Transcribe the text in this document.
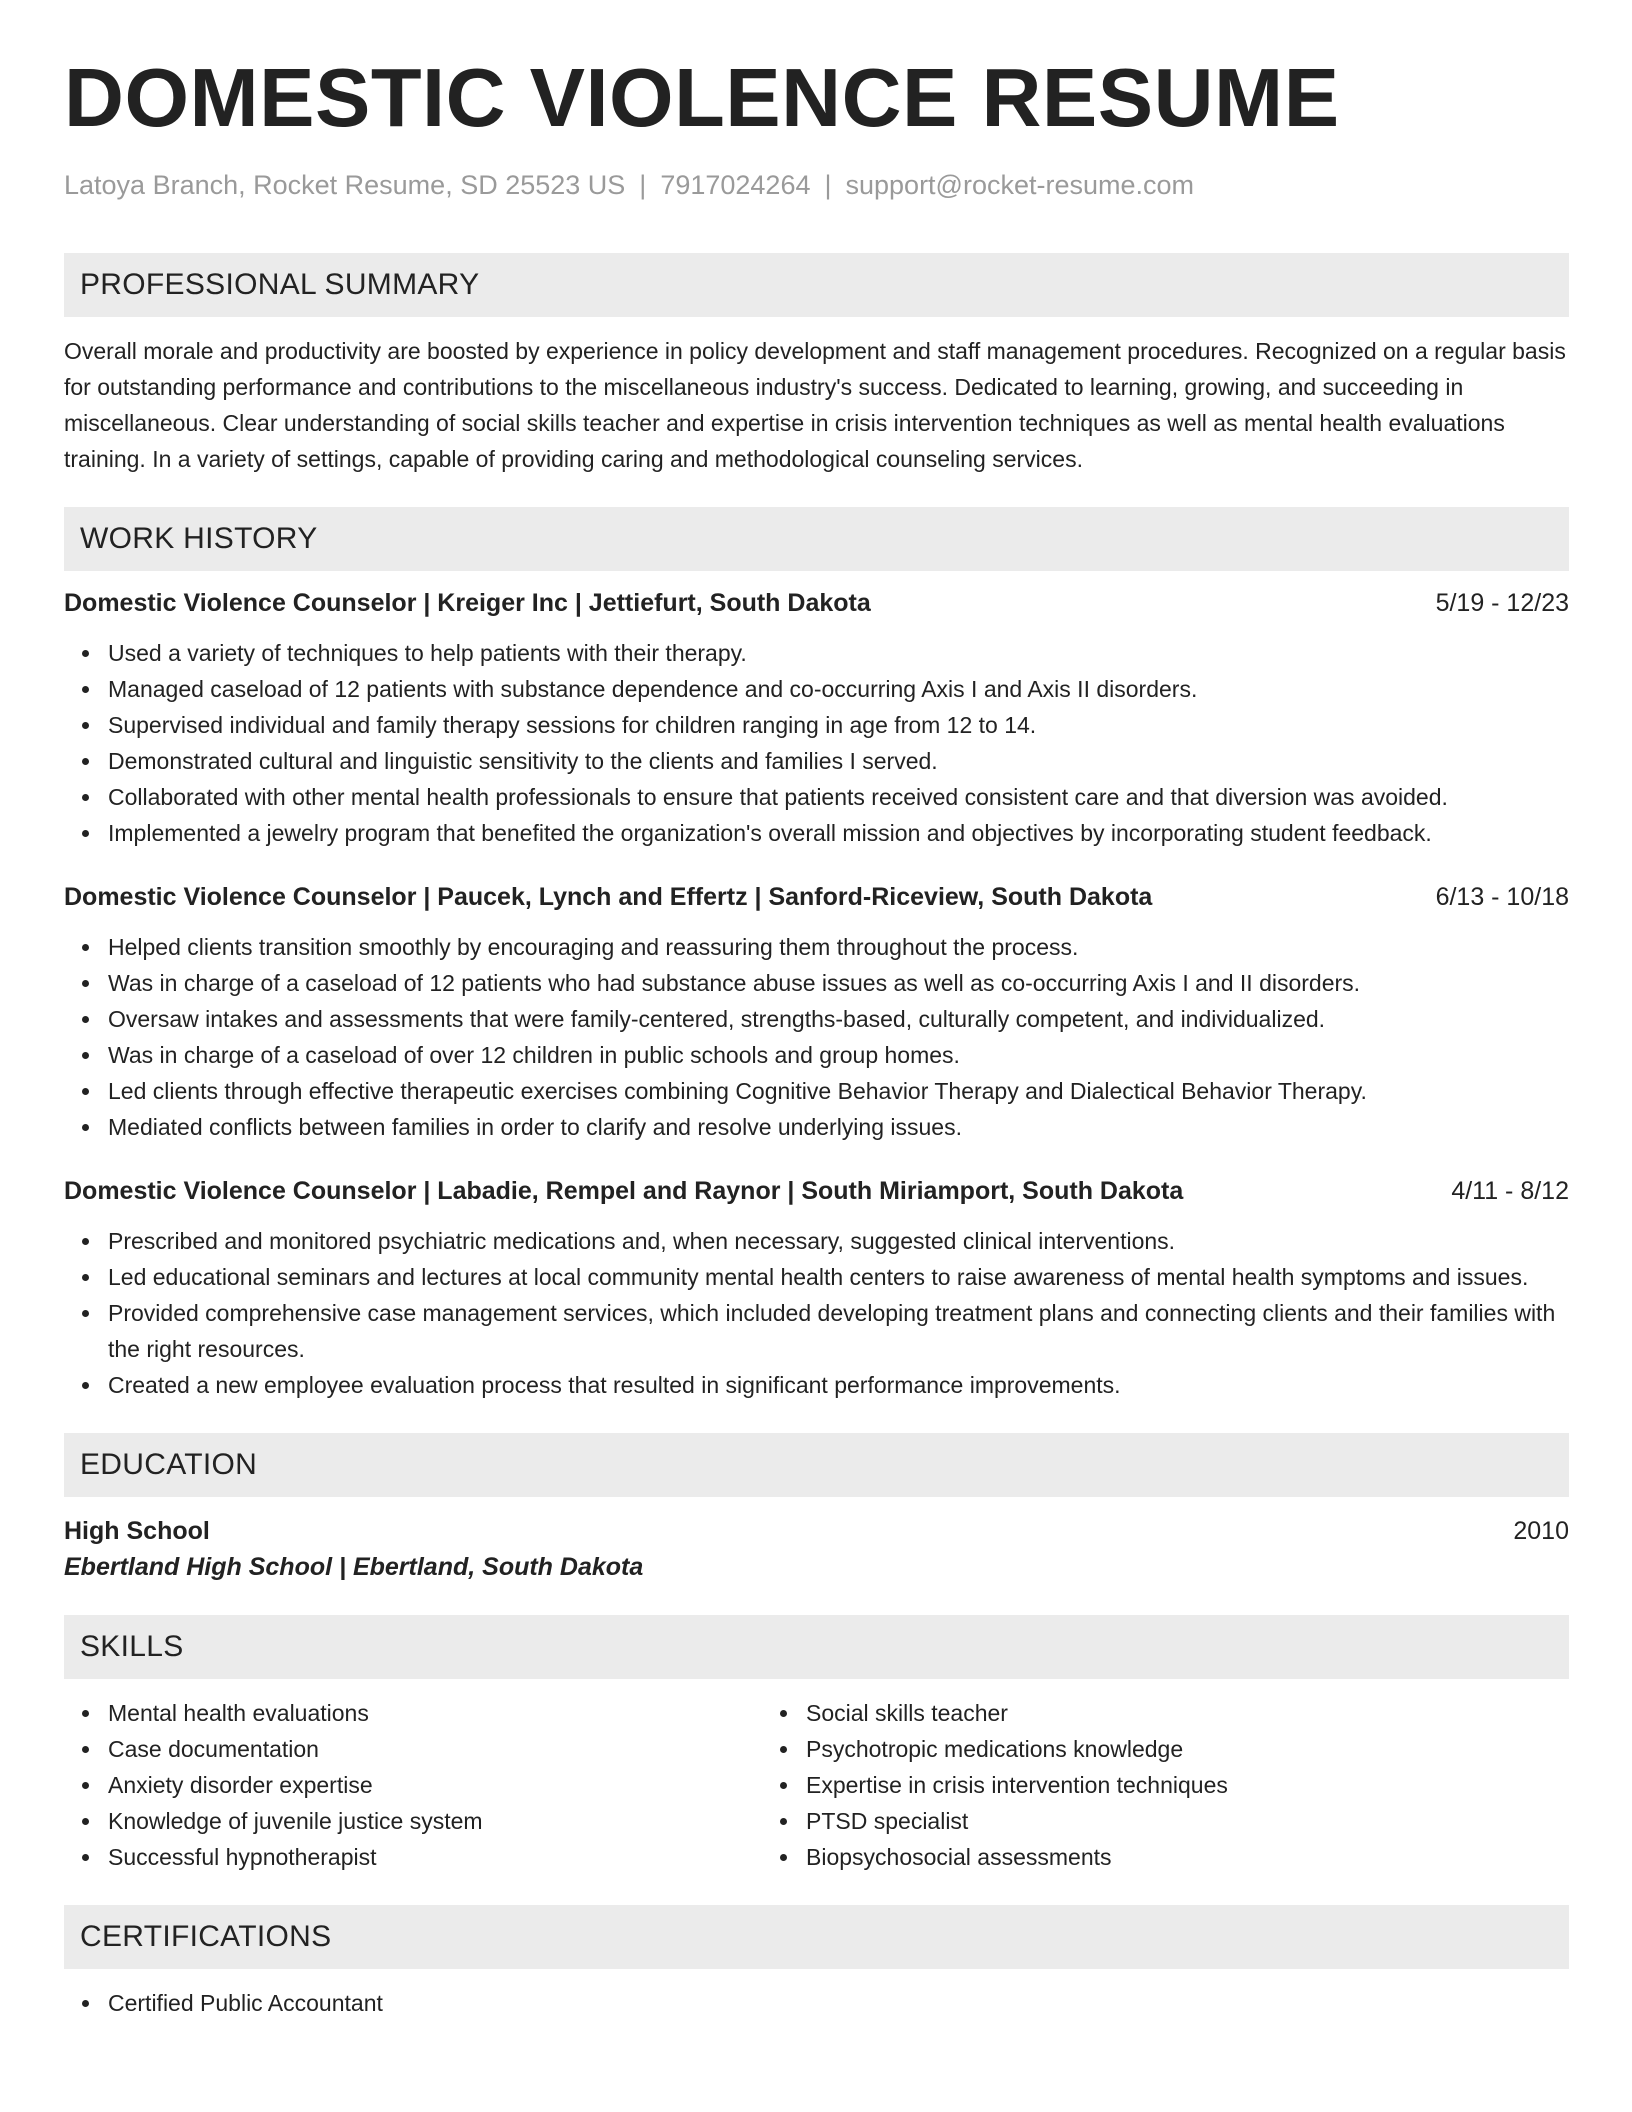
DOMESTIC VIOLENCE RESUME
Latoya Branch, Rocket Resume, SD 25523 US | 7917024264 | support@rocket-resume.com
PROFESSIONAL SUMMARY

Overall morale and productivity are boosted by experience in policy development and staff management procedures. Recognized on a regular basis for outstanding performance and contributions to the miscellaneous industry's success. Dedicated to learning, growing, and succeeding in miscellaneous. Clear understanding of social skills teacher and expertise in crisis intervention techniques as well as mental health evaluations training. In a variety of settings, capable of providing caring and methodological counseling services.

WORK HISTORY
Domestic Violence Counselor | Kreiger Inc | Jettiefurt, South Dakota	5/19 - 12/23
Used a variety of techniques to help patients with their therapy.
Managed caseload of 12 patients with substance dependence and co-occurring Axis I and Axis II disorders.
Supervised individual and family therapy sessions for children ranging in age from 12 to 14.
Demonstrated cultural and linguistic sensitivity to the clients and families I served.
Collaborated with other mental health professionals to ensure that patients received consistent care and that diversion was avoided.
Implemented a jewelry program that benefited the organization's overall mission and objectives by incorporating student feedback.
Domestic Violence Counselor | Paucek, Lynch and Effertz | Sanford-Riceview, South Dakota	6/13 - 10/18
Helped clients transition smoothly by encouraging and reassuring them throughout the process.
Was in charge of a caseload of 12 patients who had substance abuse issues as well as co-occurring Axis I and II disorders.
Oversaw intakes and assessments that were family-centered, strengths-based, culturally competent, and individualized.
Was in charge of a caseload of over 12 children in public schools and group homes.
Led clients through effective therapeutic exercises combining Cognitive Behavior Therapy and Dialectical Behavior Therapy.
Mediated conflicts between families in order to clarify and resolve underlying issues.
Domestic Violence Counselor | Labadie, Rempel and Raynor | South Miriamport, South Dakota	4/11 - 8/12
Prescribed and monitored psychiatric medications and, when necessary, suggested clinical interventions.
Led educational seminars and lectures at local community mental health centers to raise awareness of mental health symptoms and issues.
Provided comprehensive case management services, which included developing treatment plans and connecting clients and their families with the right resources.
Created a new employee evaluation process that resulted in significant performance improvements.
EDUCATION
High School	2010
Ebertland High School | Ebertland, South Dakota
SKILLS
Mental health evaluations
Case documentation
Anxiety disorder expertise
Knowledge of juvenile justice system
Successful hypnotherapist
Social skills teacher
Psychotropic medications knowledge
Expertise in crisis intervention techniques
PTSD specialist
Biopsychosocial assessments
CERTIFICATIONS
Certified Public Accountant
